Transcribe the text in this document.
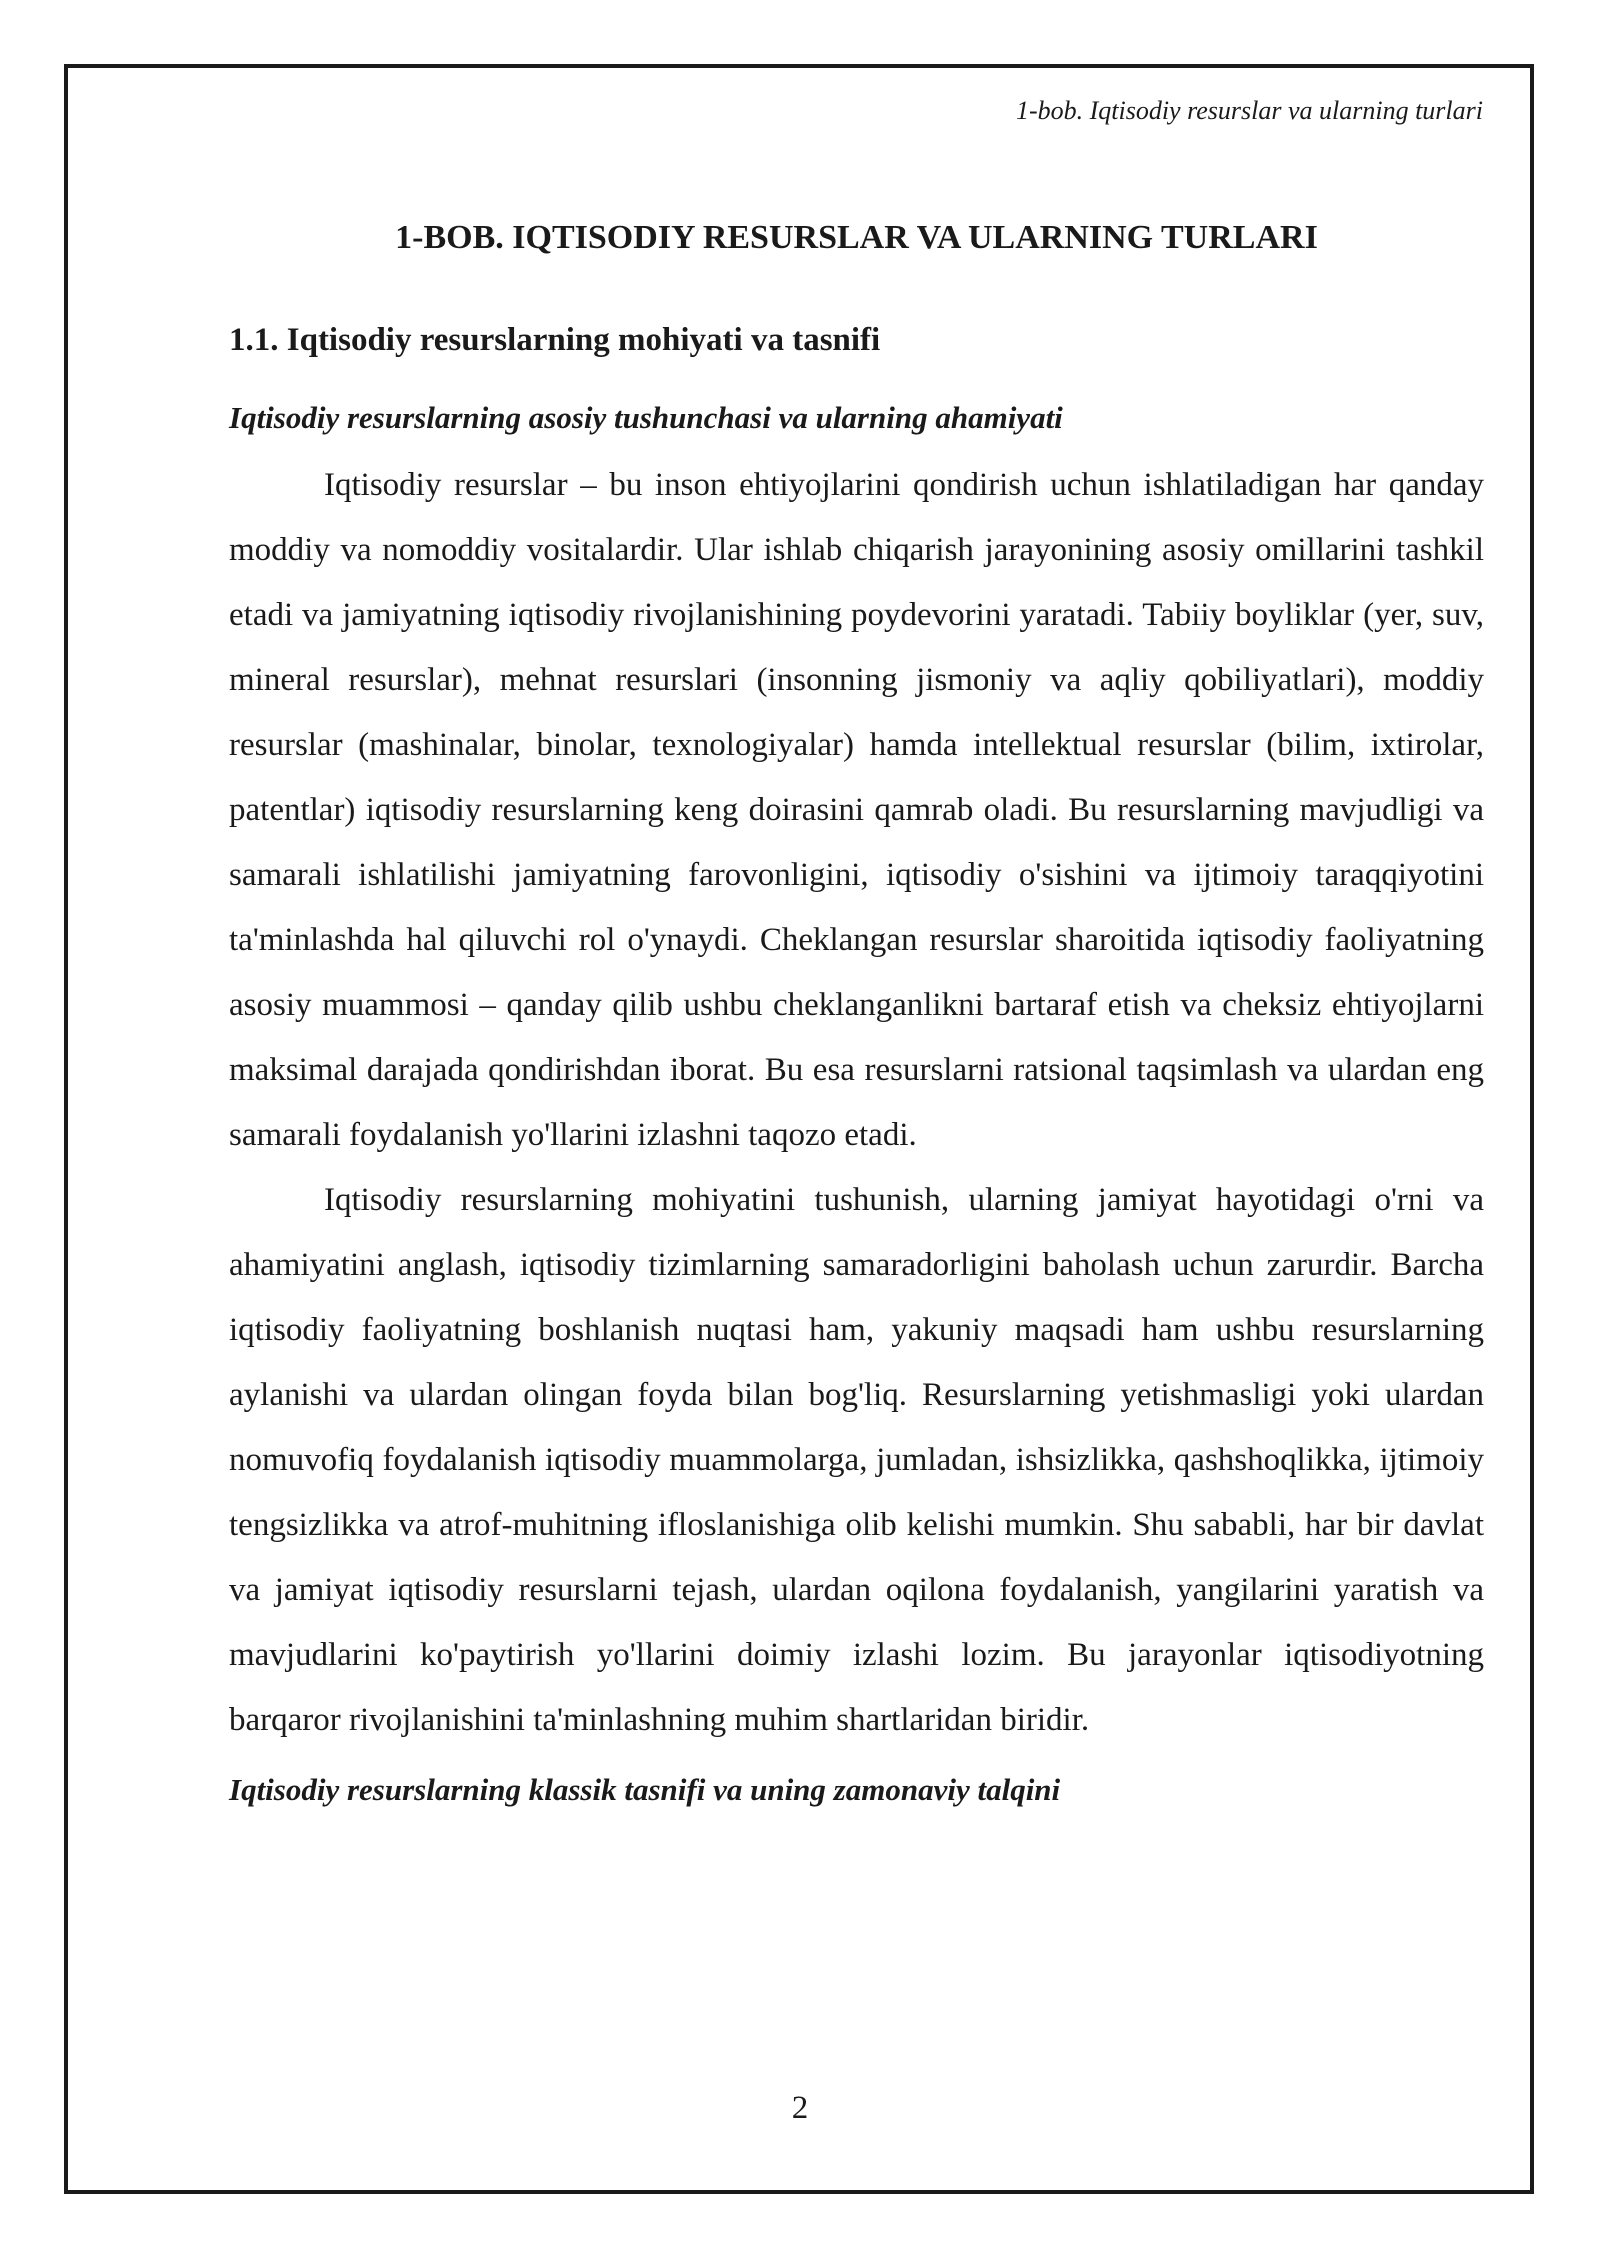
1-bob. Iqtisodiy resurslar va ularning turlari
1-BOB. IQTISODIY RESURSLAR VA ULARNING TURLARI
1.1. Iqtisodiy resurslarning mohiyati va tasnifi
Iqtisodiy resurslarning asosiy tushunchasi va ularning ahamiyati

Iqtisodiy resurslar – bu inson ehtiyojlarini qondirish uchun ishlatiladigan har qanday moddiy va nomoddiy vositalardir. Ular ishlab chiqarish jarayonining asosiy omillarini tashkil etadi va jamiyatning iqtisodiy rivojlanishining poydevorini yaratadi. Tabiiy boyliklar (yer, suv, mineral resurslar), mehnat resurslari (insonning jismoniy va aqliy qobiliyatlari), moddiy resurslar (mashinalar, binolar, texnologiyalar) hamda intellektual resurslar (bilim, ixtirolar, patentlar) iqtisodiy resurslarning keng doirasini qamrab oladi. Bu resurslarning mavjudligi va samarali ishlatilishi jamiyatning farovonligini, iqtisodiy o'sishini va ijtimoiy taraqqiyotini ta'minlashda hal qiluvchi rol o'ynaydi. Cheklangan resurslar sharoitida iqtisodiy faoliyatning asosiy muammosi – qanday qilib ushbu cheklanganlikni bartaraf etish va cheksiz ehtiyojlarni maksimal darajada qondirishdan iborat. Bu esa resurslarni ratsional taqsimlash va ulardan eng samarali foydalanish yo'llarini izlashni taqozo etadi.

Iqtisodiy resurslarning mohiyatini tushunish, ularning jamiyat hayotidagi o'rni va ahamiyatini anglash, iqtisodiy tizimlarning samaradorligini baholash uchun zarurdir. Barcha iqtisodiy faoliyatning boshlanish nuqtasi ham, yakuniy maqsadi ham ushbu resurslarning aylanishi va ulardan olingan foyda bilan bog'liq. Resurslarning yetishmasligi yoki ulardan nomuvofiq foydalanish iqtisodiy muammolarga, jumladan, ishsizlikka, qashshoqlikka, ijtimoiy tengsizlikka va atrof-muhitning ifloslanishiga olib kelishi mumkin. Shu sababli, har bir davlat va jamiyat iqtisodiy resurslarni tejash, ulardan oqilona foydalanish, yangilarini yaratish va mavjudlarini ko'paytirish yo'llarini doimiy izlashi lozim. Bu jarayonlar iqtisodiyotning barqaror rivojlanishini ta'minlashning muhim shartlaridan biridir.

Iqtisodiy resurslarning klassik tasnifi va uning zamonaviy talqini
2
